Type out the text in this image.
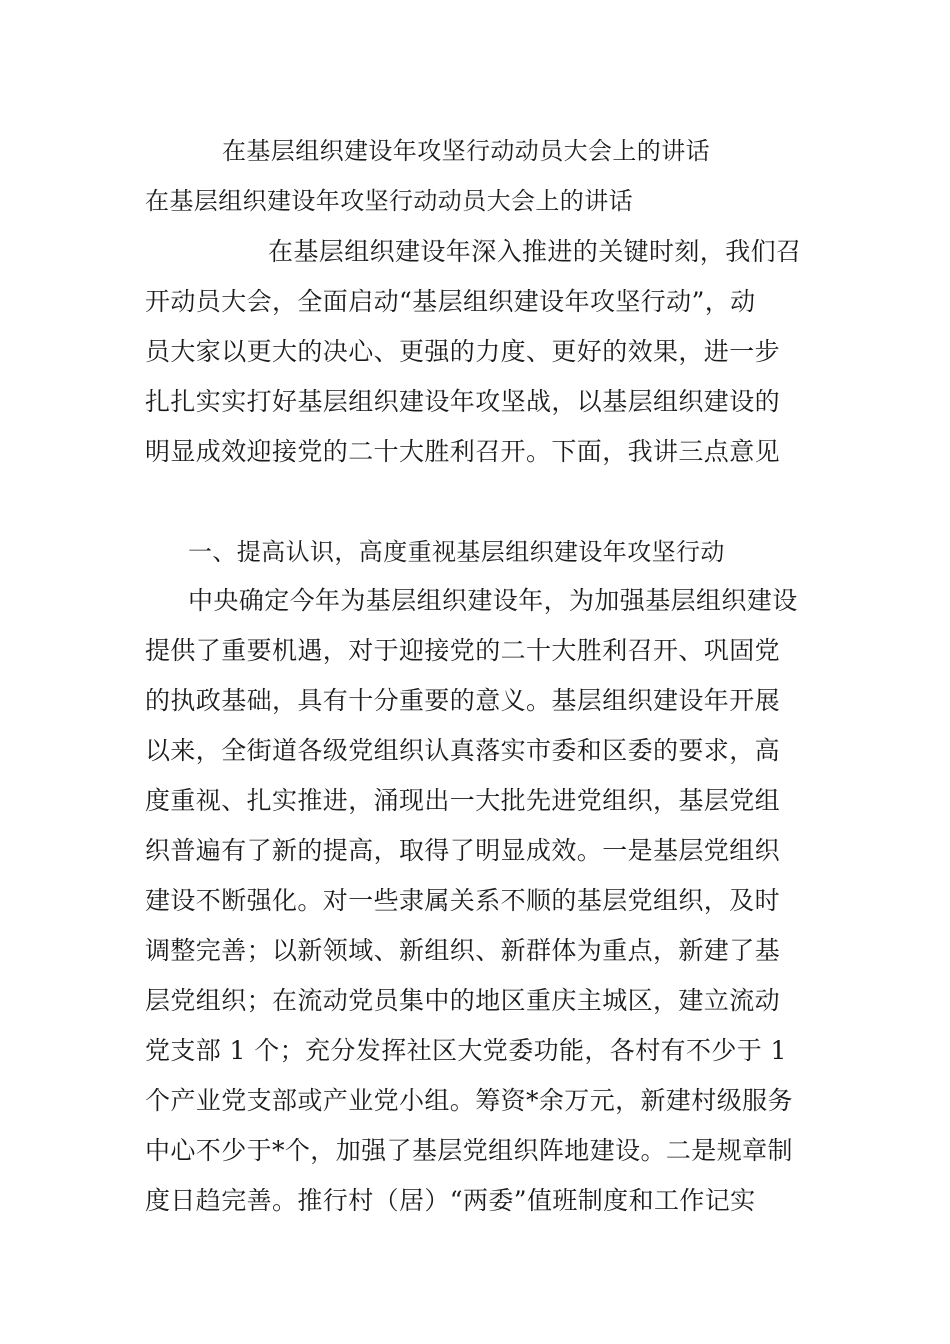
在基层组织建设年攻坚行动动员大会上的讲话
在基层组织建设年攻坚行动动员大会上的讲话
在基层组织建设年深入推进的关键时刻，我们召
开动员大会，全面启动“基层组织建设年攻坚行动”，动
员大家以更大的决心、更强的力度、更好的效果，进一步
扎扎实实打好基层组织建设年攻坚战，以基层组织建设的
明显成效迎接党的二十大胜利召开。下面，我讲三点意见
一、提高认识，高度重视基层组织建设年攻坚行动
中央确定今年为基层组织建设年，为加强基层组织建设
提供了重要机遇，对于迎接党的二十大胜利召开、巩固党
的执政基础，具有十分重要的意义。基层组织建设年开展
以来，全街道各级党组织认真落实市委和区委的要求，高
度重视、扎实推进，涌现出一大批先进党组织，基层党组
织普遍有了新的提高，取得了明显成效。一是基层党组织
建设不断强化。对一些隶属关系不顺的基层党组织，及时
调整完善；以新领域、新组织、新群体为重点，新建了基
层党组织；在流动党员集中的地区重庆主城区，建立流动
党支部 1 个；充分发挥社区大党委功能，各村有不少于 1
个产业党支部或产业党小组。筹资*余万元，新建村级服务
中心不少于*个，加强了基层党组织阵地建设。二是规章制
度日趋完善。推行村（居）“两委”值班制度和工作记实
